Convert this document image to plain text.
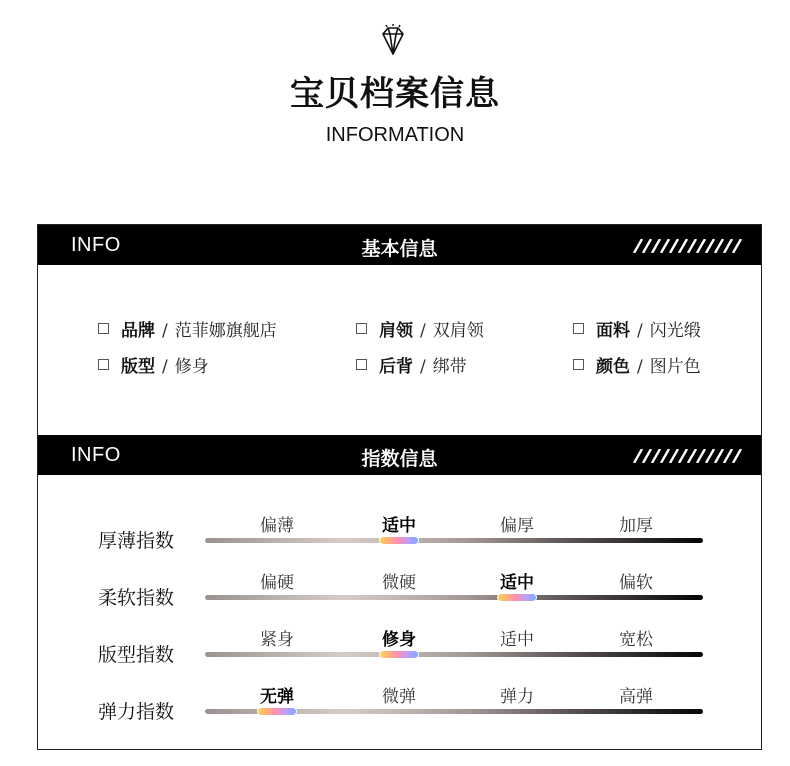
宝贝档案信息
INFORMATION
INFO	基本信息
品牌 / 范菲娜旗舰店	肩领 / 双肩领	面料 / 闪光缎
版型 / 修身	后背 / 绑带	颜色 / 图片色
INFO	指数信息
厚薄指数
偏薄	适中	偏厚	加厚
柔软指数
偏硬	微硬	适中	偏软
版型指数
紧身	修身	适中	宽松
弹力指数
无弹	微弹	弹力	高弹
